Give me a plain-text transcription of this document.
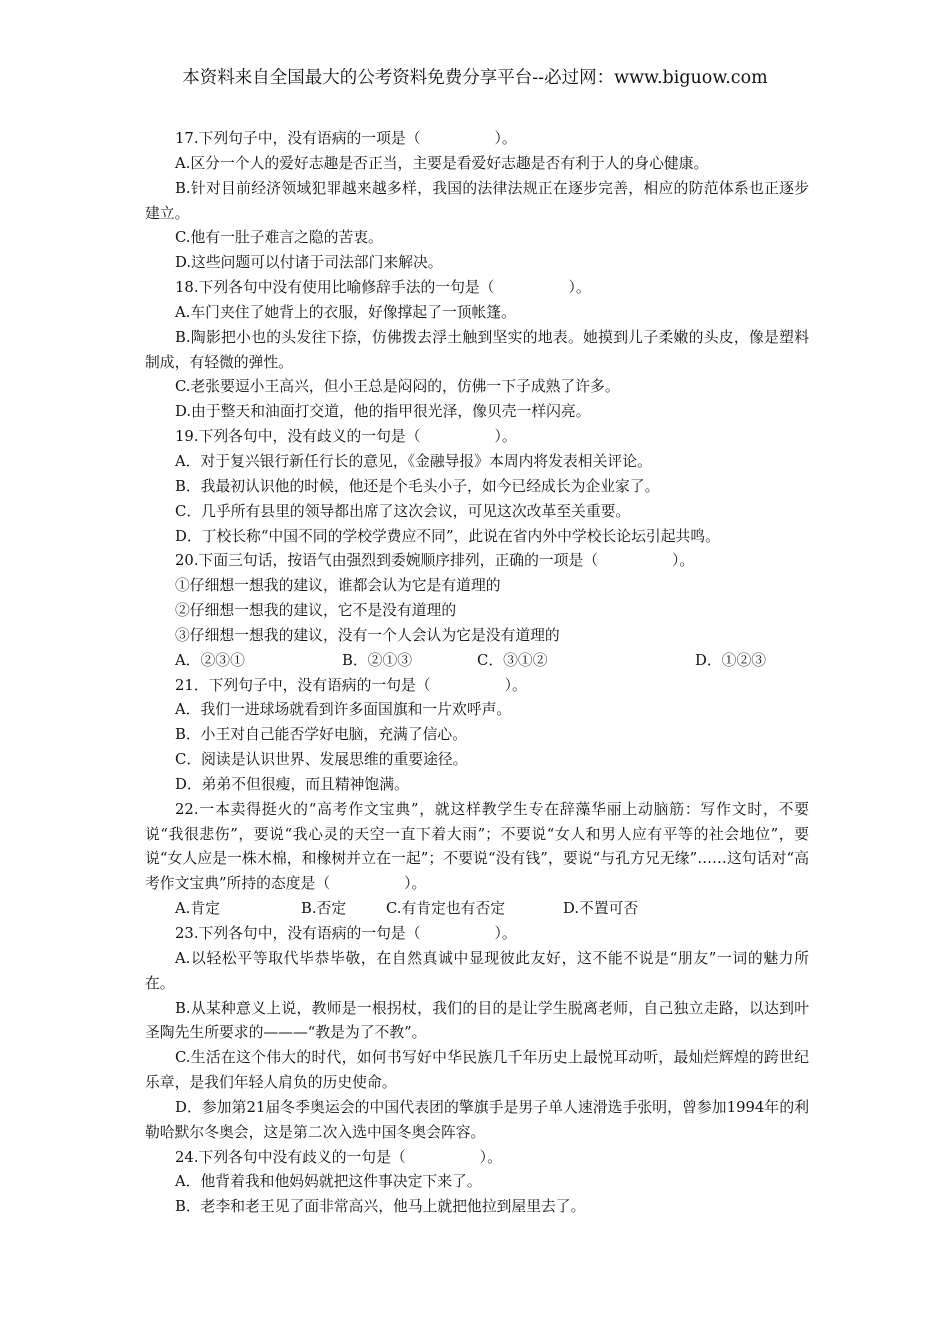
本资料来自全国最大的公考资料免费分享平台--必过网：www.biguow.com

17.下列句子中，没有语病的一项是（　　　　　）。

A.区分一个人的爱好志趣是否正当，主要是看爱好志趣是否有利于人的身心健康。

B.针对目前经济领域犯罪越来越多样，我国的法律法规正在逐步完善，相应的防范体系也正逐步建立。

C.他有一肚子难言之隐的苦衷。

D.这些问题可以付诸于司法部门来解决。

18.下列各句中没有使用比喻修辞手法的一句是（　　　　　）。

A.车门夹住了她背上的衣服，好像撑起了一顶帐篷。

B.陶影把小也的头发往下捺，仿佛拨去浮土触到坚实的地表。她摸到儿子柔嫩的头皮，像是塑料制成，有轻微的弹性。

C.老张要逗小王高兴，但小王总是闷闷的，仿佛一下子成熟了许多。

D.由于整天和油面打交道，他的指甲很光泽，像贝壳一样闪亮。

19.下列各句中，没有歧义的一句是（　　　　　）。

A．对于复兴银行新任行长的意见，《金融导报》本周内将发表相关评论。

B．我最初认识他的时候，他还是个毛头小子，如今已经成长为企业家了。

C．几乎所有县里的领导都出席了这次会议，可见这次改革至关重要。

D．丁校长称“中国不同的学校学费应不同”，此说在省内外中学校长论坛引起共鸣。

20.下面三句话，按语气由强烈到委婉顺序排列，正确的一项是（　　　　　）。

①仔细想一想我的建议，谁都会认为它是有道理的

②仔细想一想我的建议，它不是没有道理的

③仔细想一想我的建议，没有一个人会认为它是没有道理的

A．②③①	B．②①③	C．③①②	D．①②③

21．下列句子中，没有语病的一句是（　　　　　）。

A．我们一进球场就看到许多面国旗和一片欢呼声。

B．小王对自己能否学好电脑，充满了信心。

C．阅读是认识世界、发展思维的重要途径。

D．弟弟不但很瘦，而且精神饱满。

22.一本卖得挺火的“高考作文宝典”，就这样教学生专在辞藻华丽上动脑筋：写作文时，不要说“我很悲伤”，要说“我心灵的天空一直下着大雨”；不要说“女人和男人应有平等的社会地位”，要说“女人应是一株木棉，和橡树并立在一起”；不要说“没有钱”，要说“与孔方兄无缘”……这句话对“高考作文宝典”所持的态度是（　　　　　）。

A.肯定	B.否定	C.有肯定也有否定	D.不置可否

23.下列各句中，没有语病的一句是（　　　　　）。

A.以轻松平等取代毕恭毕敬，在自然真诚中显现彼此友好，这不能不说是“朋友”一词的魅力所在。

B.从某种意义上说，教师是一根拐杖，我们的目的是让学生脱离老师，自己独立走路，以达到叶圣陶先生所要求的———“教是为了不教”。

C.生活在这个伟大的时代，如何书写好中华民族几千年历史上最悦耳动听，最灿烂辉煌的跨世纪乐章，是我们年轻人肩负的历史使命。

D．参加第21届冬季奥运会的中国代表团的擎旗手是男子单人速滑选手张明，曾参加1994年的利勒哈默尔冬奥会，这是第二次入选中国冬奥会阵容。

24.下列各句中没有歧义的一句是（　　　　　）。

A．他背着我和他妈妈就把这件事决定下来了。

B．老李和老王见了面非常高兴，他马上就把他拉到屋里去了。
